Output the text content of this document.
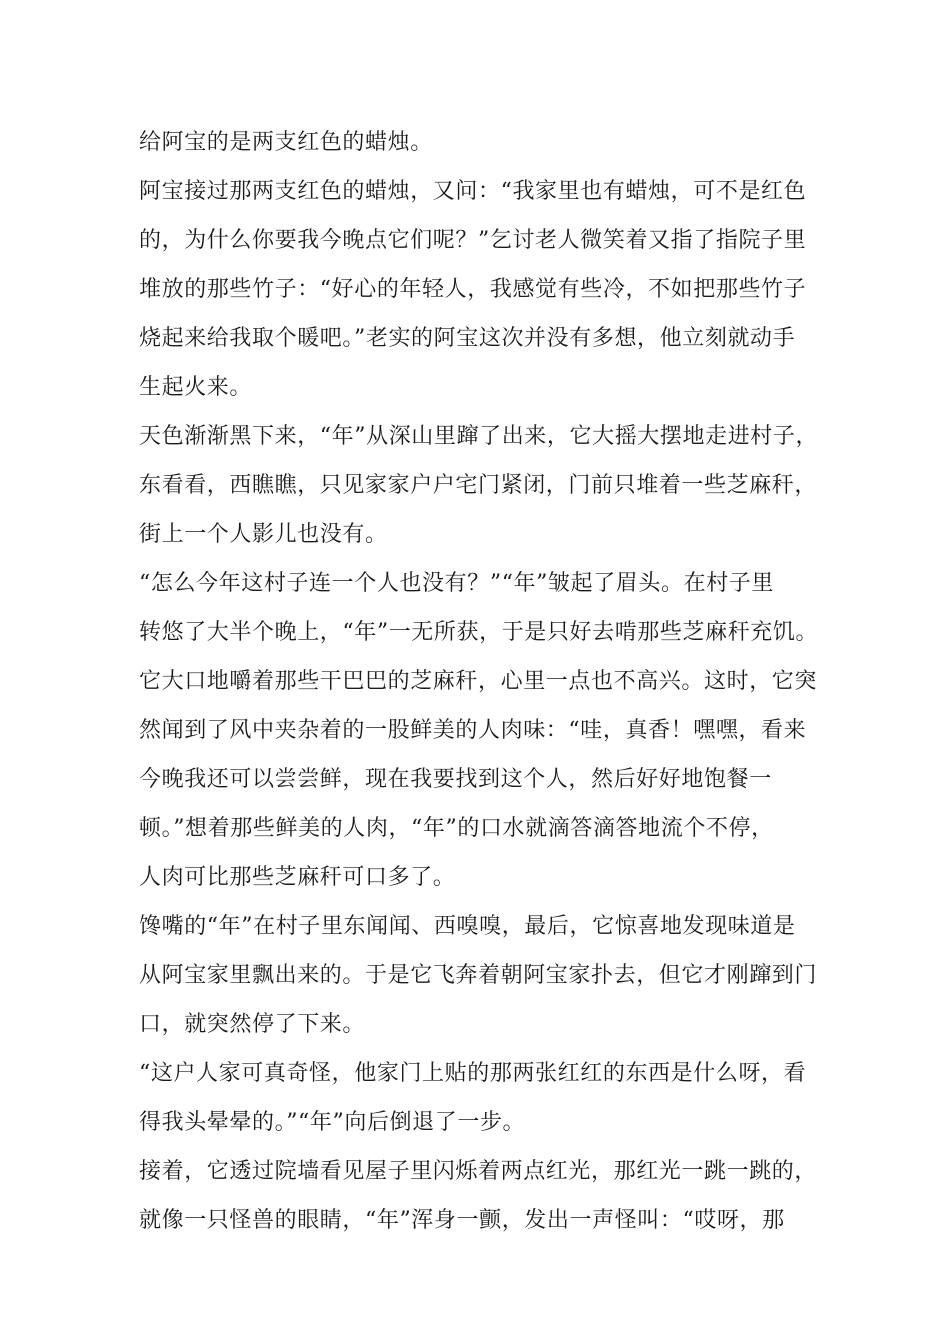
给阿宝的是两支红色的蜡烛。
阿宝接过那两支红色的蜡烛，又问：“我家里也有蜡烛，可不是红色
的，为什么你要我今晚点它们呢？”乞讨老人微笑着又指了指院子里
堆放的那些竹子：“好心的年轻人，我感觉有些冷，不如把那些竹子
烧起来给我取个暖吧。”老实的阿宝这次并没有多想，他立刻就动手
生起火来。
天色渐渐黑下来，“年”从深山里蹿了出来，它大摇大摆地走进村子，
东看看，西瞧瞧，只见家家户户宅门紧闭，门前只堆着一些芝麻秆，
街上一个人影儿也没有。
“怎么今年这村子连一个人也没有？”“年”皱起了眉头。在村子里
转悠了大半个晚上，“年”一无所获，于是只好去啃那些芝麻秆充饥。
它大口地嚼着那些干巴巴的芝麻秆，心里一点也不高兴。这时，它突
然闻到了风中夹杂着的一股鲜美的人肉味：“哇，真香！嘿嘿，看来
今晚我还可以尝尝鲜，现在我要找到这个人，然后好好地饱餐一
顿。”想着那些鲜美的人肉，“年”的口水就滴答滴答地流个不停，
人肉可比那些芝麻秆可口多了。
馋嘴的“年”在村子里东闻闻、西嗅嗅，最后，它惊喜地发现味道是
从阿宝家里飘出来的。于是它飞奔着朝阿宝家扑去，但它才刚蹿到门
口，就突然停了下来。
“这户人家可真奇怪，他家门上贴的那两张红红的东西是什么呀，看
得我头晕晕的。”“年”向后倒退了一步。
接着，它透过院墙看见屋子里闪烁着两点红光，那红光一跳一跳的，
就像一只怪兽的眼睛，“年”浑身一颤，发出一声怪叫：“哎呀，那
